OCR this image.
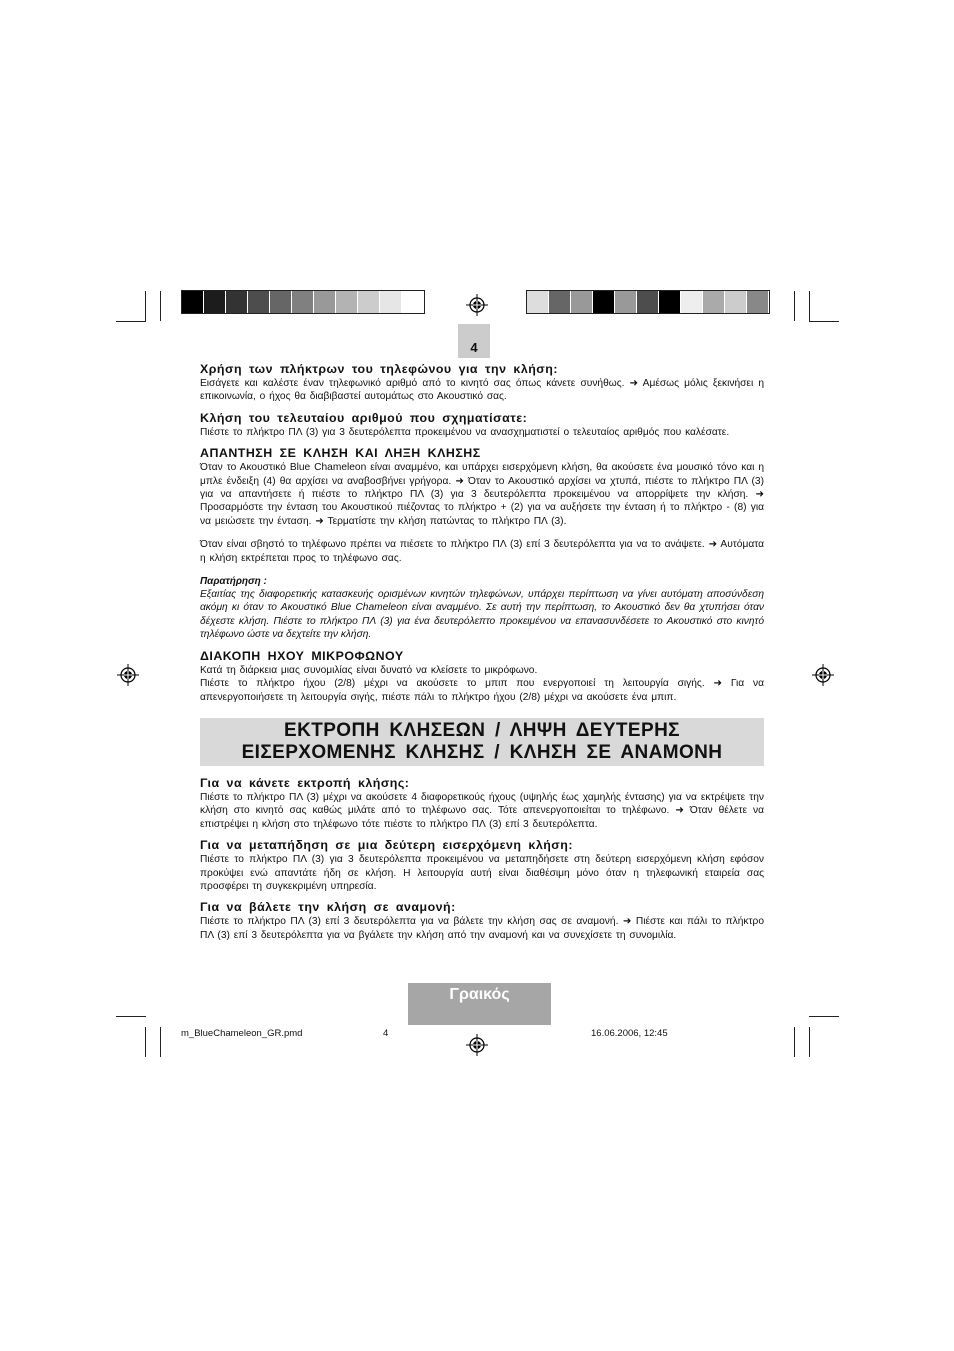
4

Χρήση των πλήκτρων του τηλεφώνου για την κλήση:

Εισάγετε και καλέστε έναν τηλεφωνικό αριθμό από το κινητό σας όπως κάνετε συνήθως. ➜ Αμέσως μόλις ξεκινήσει η επικοινωνία, ο ήχος θα διαβιβαστεί αυτομάτως στο Ακουστικό σας.

Κλήση του τελευταίου αριθμού που σχηματίσατε:

Πιέστε το πλήκτρο ΠΛ (3) για 3 δευτερόλεπτα προκειμένου να ανασχηματιστεί ο τελευταίος αριθμός που καλέσατε.

ΑΠΑΝΤΗΣΗ ΣΕ ΚΛΗΣΗ ΚΑΙ ΛΗΞΗ ΚΛΗΣΗΣ

Όταν το Ακουστικό Blue Chameleon είναι αναμμένο, και υπάρχει εισερχόμενη κλήση, θα ακούσετε ένα μουσικό τόνο και η μπλε ένδειξη (4) θα αρχίσει να αναβοσβήνει γρήγορα. ➜ Όταν το Ακουστικό αρχίσει να χτυπά, πιέστε το πλήκτρο ΠΛ (3) για να απαντήσετε ή πιέστε το πλήκτρο ΠΛ (3) για 3 δευτερόλεπτα προκειμένου να απορρίψετε την κλήση. ➜ Προσαρμόστε την ένταση του Ακουστικού πιέζοντας το πλήκτρο + (2) για να αυξήσετε την ένταση ή το πλήκτρο - (8) για να μειώσετε την ένταση. ➜ Τερματίστε την κλήση πατώντας το πλήκτρο ΠΛ (3).

Όταν είναι σβηστό το τηλέφωνο πρέπει να πιέσετε το πλήκτρο ΠΛ (3) επί 3 δευτερόλεπτα για να το ανάψετε. ➜ Αυτόματα η κλήση εκτρέπεται προς το τηλέφωνο σας.

Παρατήρηση :

Εξαιτίας της διαφορετικής κατασκευής ορισμένων κινητών τηλεφώνων, υπάρχει περίπτωση να γίνει αυτόματη αποσύνδεση ακόμη κι όταν το Ακουστικό Blue Chameleon είναι αναμμένο. Σε αυτή την περίπτωση, το Ακουστικό δεν θα χτυπήσει όταν δέχεστε κλήση. Πιέστε το πλήκτρο ΠΛ (3) για ένα δευτερόλεπτο προκειμένου να επανασυνδέσετε το Ακουστικό στο κινητό τηλέφωνο ώστε να δεχτείτε την κλήση.

ΔΙΑΚΟΠΗ ΗΧΟΥ ΜΙΚΡΟΦΩΝΟΥ

Κατά τη διάρκεια μιας συνομιλίας είναι δυνατό να κλείσετε το μικρόφωνο.

Πιέστε το πλήκτρο ήχου (2/8) μέχρι να ακούσετε το μπιπ που ενεργοποιεί τη λειτουργία σιγής. ➜ Για να απενεργοποιήσετε τη λειτουργία σιγής, πιέστε πάλι το πλήκτρο ήχου (2/8) μέχρι να ακούσετε ένα μπιπ.

ΕΚΤΡΟΠΗ ΚΛΗΣΕΩΝ / ΛΗΨΗ ΔΕΥΤΕΡΗΣ
ΕΙΣΕΡΧΟΜΕΝΗΣ ΚΛΗΣΗΣ / ΚΛΗΣΗ ΣΕ ΑΝΑΜΟΝΗ

Για να κάνετε εκτροπή κλήσης:

Πιέστε το πλήκτρο ΠΛ (3) μέχρι να ακούσετε 4 διαφορετικούς ήχους (υψηλής έως χαμηλής έντασης) για να εκτρέψετε την κλήση στο κινητό σας καθώς μιλάτε από το τηλέφωνο σας. Τότε απενεργοποιείται το τηλέφωνο. ➜ Όταν θέλετε να επιστρέψει η κλήση στο τηλέφωνο τότε πιέστε το πλήκτρο ΠΛ (3) επί 3 δευτερόλεπτα.

Για να μεταπήδηση σε μια δεύτερη εισερχόμενη κλήση:

Πιέστε το πλήκτρο ΠΛ (3) για 3 δευτερόλεπτα προκειμένου να μεταπηδήσετε στη δεύτερη εισερχόμενη κλήση εφόσον προκύψει ενώ απαντάτε ήδη σε κλήση. Η λειτουργία αυτή είναι διαθέσιμη μόνο όταν η τηλεφωνική εταιρεία σας προσφέρει τη συγκεκριμένη υπηρεσία.

Για να βάλετε την κλήση σε αναμονή:

Πιέστε το πλήκτρο ΠΛ (3) επί 3 δευτερόλεπτα για να βάλετε την κλήση σας σε αναμονή. ➜ Πιέστε και πάλι το πλήκτρο ΠΛ (3) επί 3 δευτερόλεπτα για να βγάλετε την κλήση από την αναμονή και να συνεχίσετε τη συνομιλία.

Γραικός
m_BlueChameleon_GR.pmd	4	16.06.2006, 12:45
